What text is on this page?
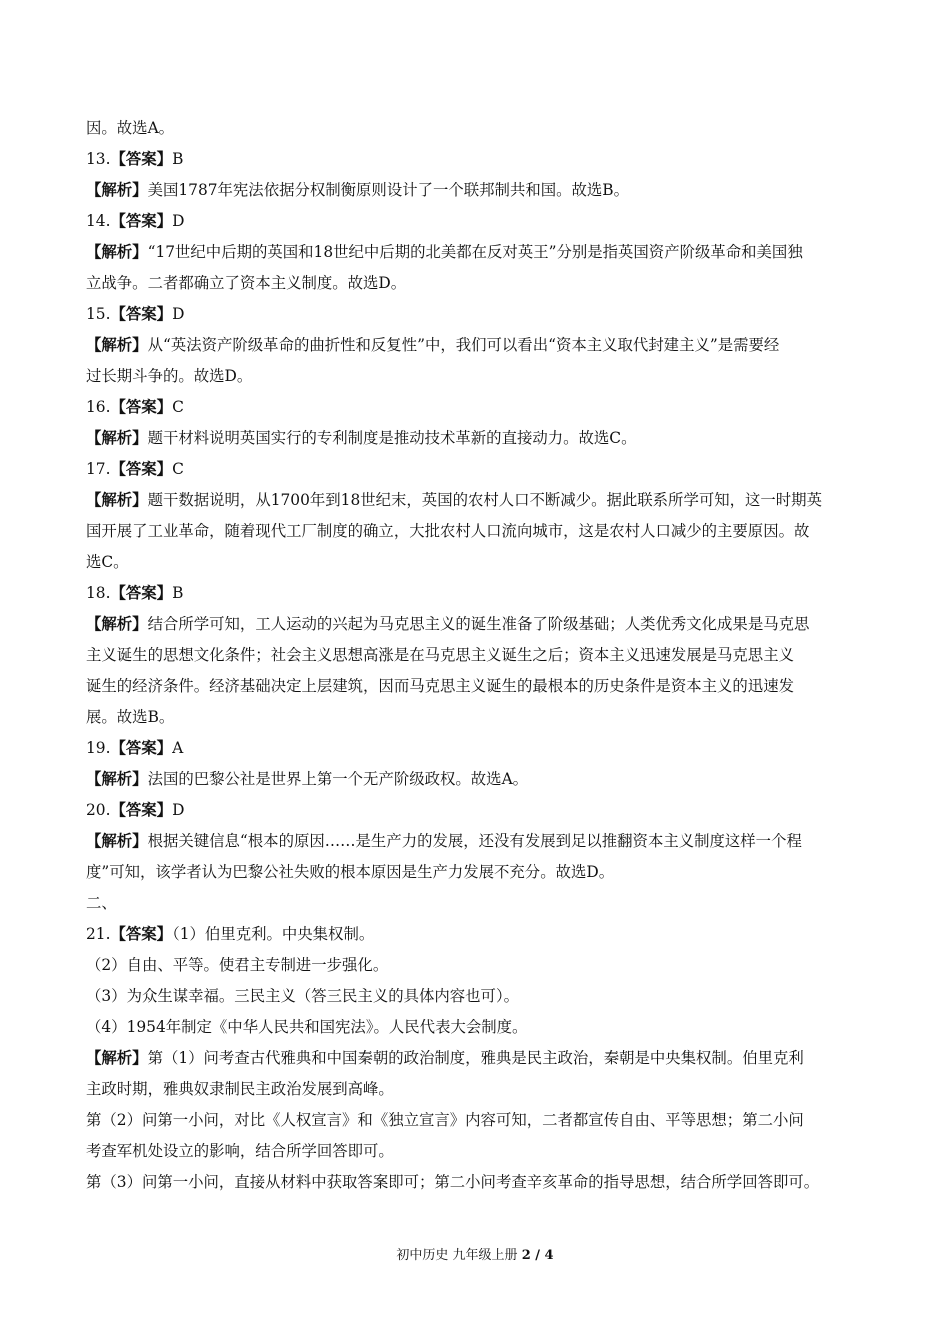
因。故选A。
13.【答案】B
【解析】美国1787年宪法依据分权制衡原则设计了一个联邦制共和国。故选B。
14.【答案】D
【解析】“17世纪中后期的英国和18世纪中后期的北美都在反对英王”分别是指英国资产阶级革命和美国独
立战争。二者都确立了资本主义制度。故选D。
15.【答案】D
【解析】从“英法资产阶级革命的曲折性和反复性”中，我们可以看出“资本主义取代封建主义”是需要经
过长期斗争的。故选D。
16.【答案】C
【解析】题干材料说明英国实行的专利制度是推动技术革新的直接动力。故选C。
17.【答案】C
【解析】题干数据说明，从1700年到18世纪末，英国的农村人口不断减少。据此联系所学可知，这一时期英
国开展了工业革命，随着现代工厂制度的确立，大批农村人口流向城市，这是农村人口减少的主要原因。故
选C。
18.【答案】B
【解析】结合所学可知，工人运动的兴起为马克思主义的诞生准备了阶级基础；人类优秀文化成果是马克思
主义诞生的思想文化条件；社会主义思想高涨是在马克思主义诞生之后；资本主义迅速发展是马克思主义
诞生的经济条件。经济基础决定上层建筑，因而马克思主义诞生的最根本的历史条件是资本主义的迅速发
展。故选B。
19.【答案】A
【解析】法国的巴黎公社是世界上第一个无产阶级政权。故选A。
20.【答案】D
【解析】根据关键信息“根本的原因……是生产力的发展，还没有发展到足以推翻资本主义制度这样一个程
度”可知，该学者认为巴黎公社失败的根本原因是生产力发展不充分。故选D。
二、
21.【答案】（1）伯里克利。中央集权制。
（2）自由、平等。使君主专制进一步强化。
（3）为众生谋幸福。三民主义（答三民主义的具体内容也可）。
（4）1954年制定《中华人民共和国宪法》。人民代表大会制度。
【解析】第（1）问考查古代雅典和中国秦朝的政治制度，雅典是民主政治，秦朝是中央集权制。伯里克利
主政时期，雅典奴隶制民主政治发展到高峰。
第（2）问第一小问，对比《人权宣言》和《独立宣言》内容可知，二者都宣传自由、平等思想；第二小问
考查军机处设立的影响，结合所学回答即可。
第（3）问第一小问，直接从材料中获取答案即可；第二小问考查辛亥革命的指导思想，结合所学回答即可。
初中历史 九年级上册 2 / 4
